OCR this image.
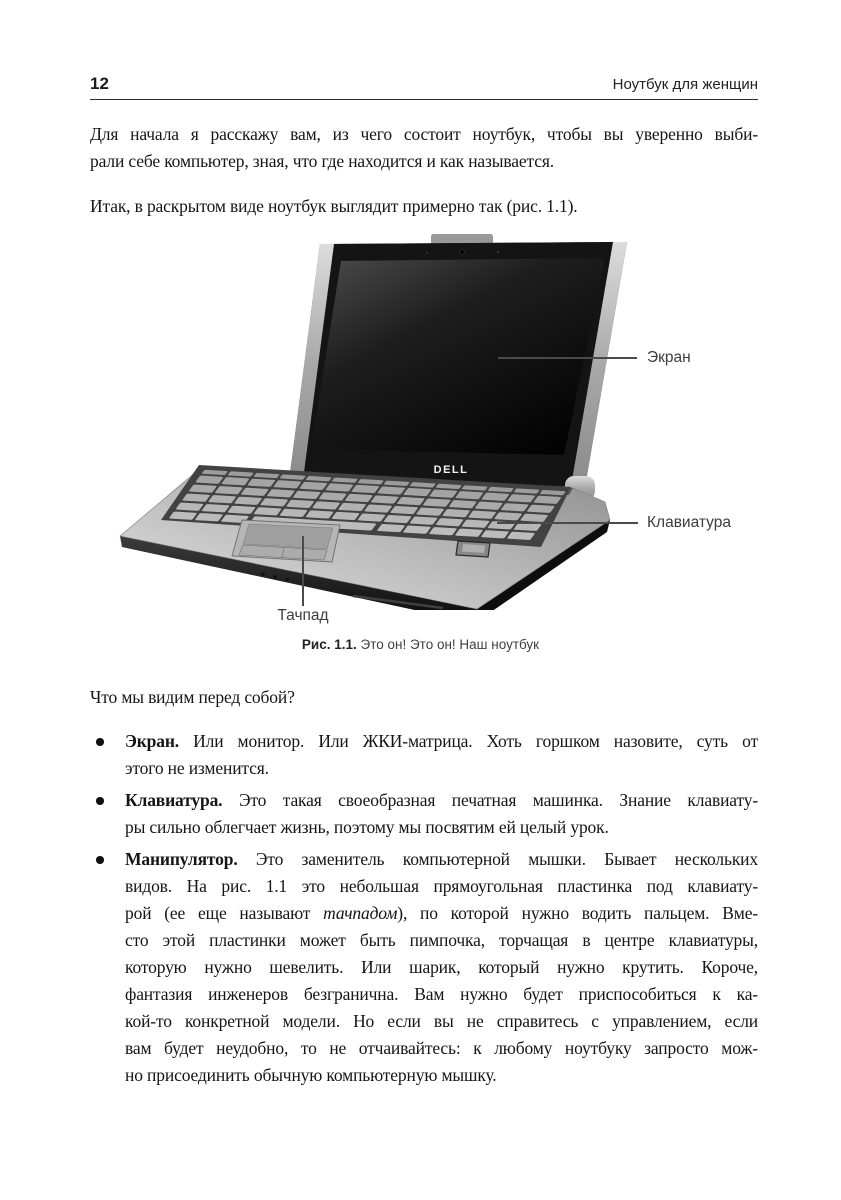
12	Ноутбук для женщин
Для начала я расскажу вам, из чего состоит ноутбук, чтобы вы уверенно выби-
рали себе компьютер, зная, что где находится и как называется.
Итак, в раскрытом виде ноутбук выглядит примерно так (рис. 1.1).
DELL
Экран
Клавиатура
Тачпад
Рис. 1.1. Это он! Это он! Наш ноутбук
Что мы видим перед собой?
Экран. Или монитор. Или ЖКИ-матрица. Хоть горшком назовите, суть от
этого не изменится.
Клавиатура. Это такая своеобразная печатная машинка. Знание клавиату-
ры сильно облегчает жизнь, поэтому мы посвятим ей целый урок.
Манипулятор. Это заменитель компьютерной мышки. Бывает нескольких
видов. На рис. 1.1 это небольшая прямоугольная пластинка под клавиату-
рой (ее еще называют тачпадом), по которой нужно водить пальцем. Вме-
сто этой пластинки может быть пимпочка, торчащая в центре клавиатуры,
которую нужно шевелить. Или шарик, который нужно крутить. Короче,
фантазия инженеров безгранична. Вам нужно будет приспособиться к ка-
кой-то конкретной модели. Но если вы не справитесь с управлением, если
вам будет неудобно, то не отчаивайтесь: к любому ноутбуку запросто мож-
но присоединить обычную компьютерную мышку.
